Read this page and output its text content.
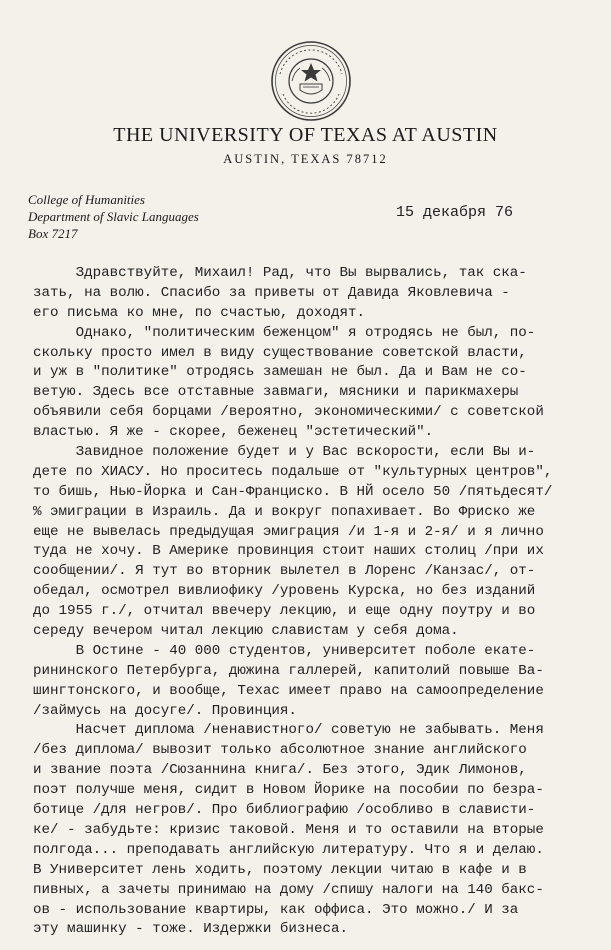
THE UNIVERSITY OF TEXAS AT AUSTIN
AUSTIN, TEXAS 78712
College of Humanities
Department of Slavic Languages
Box 7217
15 декабря 76
Здравствуйте, Михаил! Рад, что Вы вырвались, так ска-
зать, на волю. Спасибо за приветы от Давида Яковлевича -
его письма ко мне, по счастью, доходят.
Однако, "политическим беженцом" я отродясь не был, по-
скольку просто имел в виду существование советской власти,
и уж в "политике" отродясь замешан не был. Да и Вам не со-
ветую. Здесь все отставные завмаги, мясники и парикмахеры
объявили себя борцами /вероятно, экономическими/ с советской
властью. Я же - скорее, беженец "эстетический".
Завидное положение будет и у Вас вскорости, если Вы и-
дете по ХИАСУ. Но проситесь подальше от "культурных центров",
то бишь, Нью-Йорка и Сан-Франциско. В НЙ осело 50 /пятьдесят/
% эмиграции в Израиль. Да и вокруг попахивает. Во Фриско же
еще не вывелась предыдущая эмиграция /и 1-я и 2-я/ и я лично
туда не хочу. В Америке провинция стоит наших столиц /при их
сообщении/. Я тут во вторник вылетел в Лоренс /Канзас/, от-
обедал, осмотрел вивлиофику /уровень Курска, но без изданий
до 1955 г./, отчитал ввечеру лекцию, и еще одну поутру и во
середу вечером читал лекцию славистам у себя дома.
В Остине - 40 000 студентов, университет поболе екате-
рининского Петербурга, дюжина галлерей, капитолий повыше Ва-
шингтонского, и вообще, Техас имеет право на самоопределение
/займусь на досуге/. Провинция.
Насчет диплома /ненавистного/ советую не забывать. Меня
/без диплома/ вывозит только абсолютное знание английского
и звание поэта /Сюзаннина книга/. Без этого, Эдик Лимонов,
поэт получше меня, сидит в Новом Йорике на пособии по безра-
ботице /для негров/. Про библиографию /особливо в слависти-
ке/ - забудьте: кризис таковой. Меня и то оставили на вторые
полгода... преподавать английскую литературу. Что я и делаю.
В Университет лень ходить, поэтому лекции читаю в кафе и в
пивных, а зачеты принимаю на дому /спишу налоги на 140 бакс-
ов - использование квартиры, как оффиса. Это можно./ И за
эту машинку - тоже. Издержки бизнеса.
